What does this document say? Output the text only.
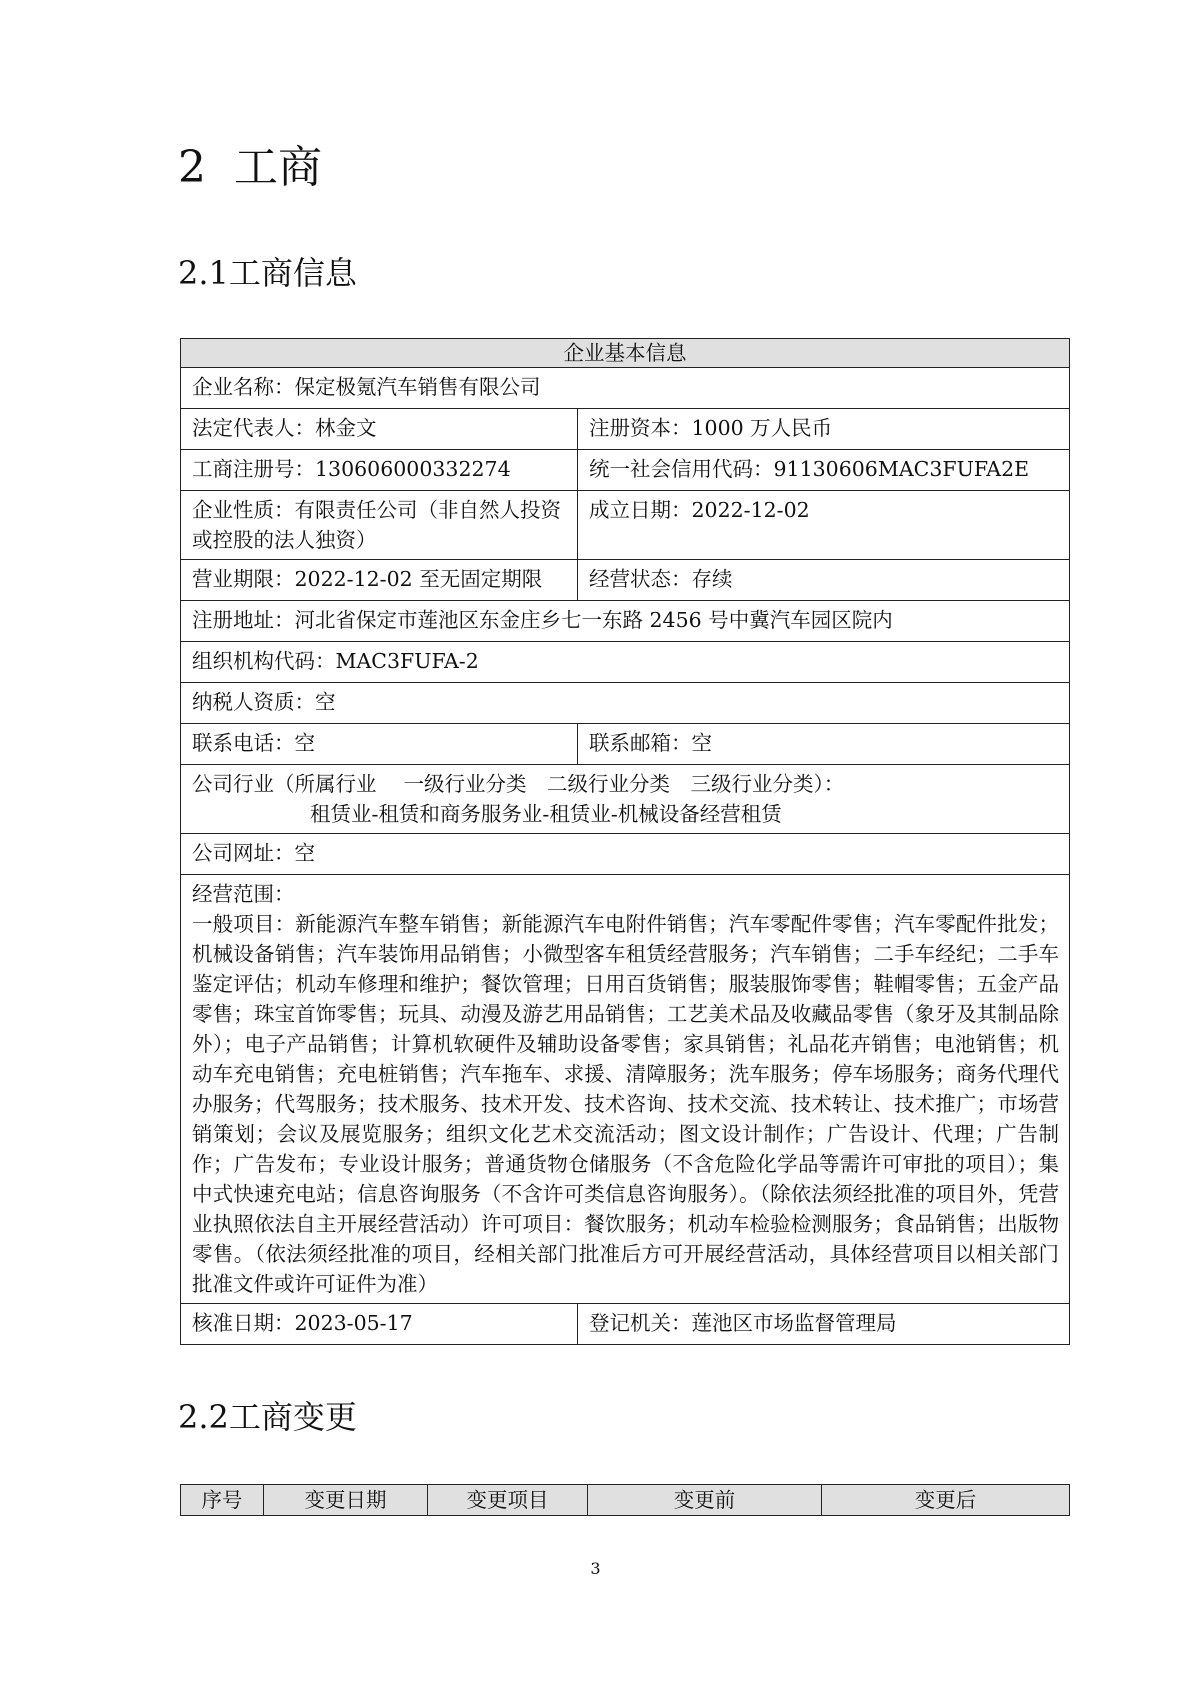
2 工商
2.1工商信息
企业基本信息	
企业名称：保定极氪汽车销售有限公司	
法定代表人：林金文	注册资本：1000 万人民币
工商注册号：130606000332274	统一社会信用代码：91130606MAC3FUFA2E
企业性质：有限责任公司（非自然人投资或控股的法人独资）	成立日期：2022-12-02
营业期限：2022-12-02 至无固定期限	经营状态：存续
注册地址：河北省保定市莲池区东金庄乡七一东路 2456 号中冀汽车园区院内	
组织机构代码：MAC3FUFA-2	
纳税人资质：空	
联系电话：空	联系邮箱：空

公司行业（所属行业　 一级行业分类　二级行业分类　三级行业分类）：
租赁业-租赁和商务服务业-租赁业-机械设备经营租赁	

公司网址：空	

经营范围：
一般项目：新能源汽车整车销售；新能源汽车电附件销售；汽车零配件零售；汽车零配件批发；机械设备销售；汽车装饰用品销售；小微型客车租赁经营服务；汽车销售；二手车经纪；二手车鉴定评估；机动车修理和维护；餐饮管理；日用百货销售；服装服饰零售；鞋帽零售；五金产品零售；珠宝首饰零售；玩具、动漫及游艺用品销售；工艺美术品及收藏品零售（象牙及其制品除外）；电子产品销售；计算机软硬件及辅助设备零售；家具销售；礼品花卉销售；电池销售；机动车充电销售；充电桩销售；汽车拖车、求援、清障服务；洗车服务；停车场服务；商务代理代办服务；代驾服务；技术服务、技术开发、技术咨询、技术交流、技术转让、技术推广；市场营销策划；会议及展览服务；组织文化艺术交流活动；图文设计制作；广告设计、代理；广告制作；广告发布；专业设计服务；普通货物仓储服务（不含危险化学品等需许可审批的项目）；集中式快速充电站；信息咨询服务（不含许可类信息咨询服务）。（除依法须经批准的项目外，凭营业执照依法自主开展经营活动）许可项目：餐饮服务；机动车检验检测服务；食品销售；出版物零售。（依法须经批准的项目，经相关部门批准后方可开展经营活动，具体经营项目以相关部门批准文件或许可证件为准）	

核准日期：2023-05-17	登记机关：莲池区市场监督管理局
2.2工商变更
序号	变更日期	变更项目	变更前	变更后
3
